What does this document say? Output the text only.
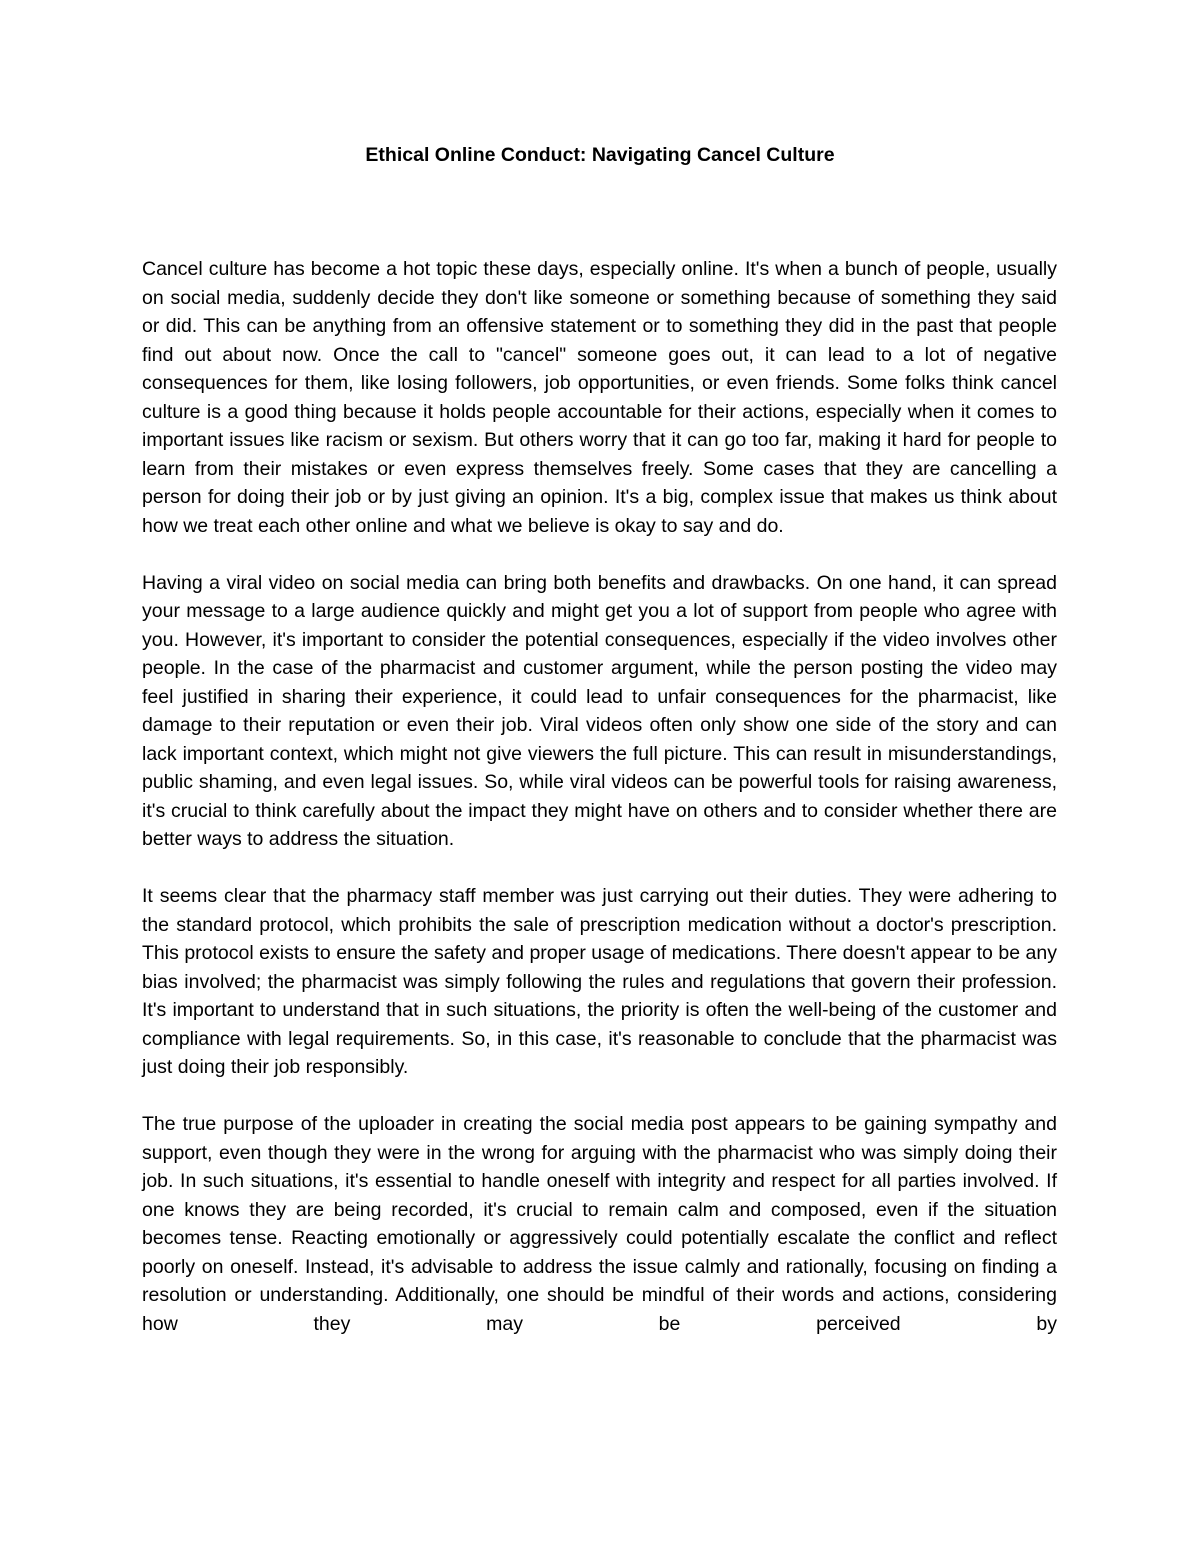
Ethical Online Conduct: Navigating Cancel Culture

Cancel culture has become a hot topic these days, especially online. It's when a bunch of people, usually on social media, suddenly decide they don't like someone or something because of something they said or did. This can be anything from an offensive statement or to something they did in the past that people find out about now. Once the call to "cancel" someone goes out, it can lead to a lot of negative consequences for them, like losing followers, job opportunities, or even friends. Some folks think cancel culture is a good thing because it holds people accountable for their actions, especially when it comes to important issues like racism or sexism. But others worry that it can go too far, making it hard for people to learn from their mistakes or even express themselves freely. Some cases that they are cancelling a person for doing their job or by just giving an opinion. It's a big, complex issue that makes us think about how we treat each other online and what we believe is okay to say and do.

Having a viral video on social media can bring both benefits and drawbacks. On one hand, it can spread your message to a large audience quickly and might get you a lot of support from people who agree with you. However, it's important to consider the potential consequences, especially if the video involves other people. In the case of the pharmacist and customer argument, while the person posting the video may feel justified in sharing their experience, it could lead to unfair consequences for the pharmacist, like damage to their reputation or even their job. Viral videos often only show one side of the story and can lack important context, which might not give viewers the full picture. This can result in misunderstandings, public shaming, and even legal issues. So, while viral videos can be powerful tools for raising awareness, it's crucial to think carefully about the impact they might have on others and to consider whether there are better ways to address the situation.

It seems clear that the pharmacy staff member was just carrying out their duties. They were adhering to the standard protocol, which prohibits the sale of prescription medication without a doctor's prescription. This protocol exists to ensure the safety and proper usage of medications. There doesn't appear to be any bias involved; the pharmacist was simply following the rules and regulations that govern their profession. It's important to understand that in such situations, the priority is often the well-being of the customer and compliance with legal requirements. So, in this case, it's reasonable to conclude that the pharmacist was just doing their job responsibly.

The true purpose of the uploader in creating the social media post appears to be gaining sympathy and support, even though they were in the wrong for arguing with the pharmacist who was simply doing their job. In such situations, it's essential to handle oneself with integrity and respect for all parties involved. If one knows they are being recorded, it's crucial to remain calm and composed, even if the situation becomes tense. Reacting emotionally or aggressively could potentially escalate the conflict and reflect poorly on oneself. Instead, it's advisable to address the issue calmly and rationally, focusing on finding a resolution or understanding. Additionally, one should be mindful of their words and actions, considering how they may be perceived by
